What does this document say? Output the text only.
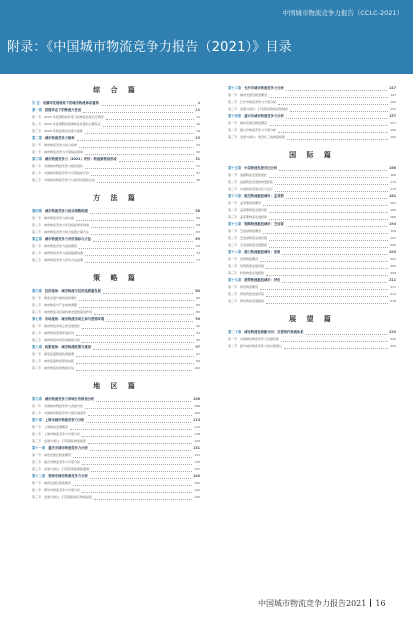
中国城市物流竞争力报告（CCLC-2021）
附录：《中国城市物流竞争力报告（2021）》目录
综 合 篇
引 言 双循环发展格局下的城市物流体系重构	1
第一章 疫情冲击下的物流大变局	11
第一节 2020 年疫情防控背景下的物流系统运行情况	12
第二节 2020 年疫情期间我国物流发展的主要特点	16
第三节 2020 年物流相关政策与措施	19
第二章 城市物流竞争力榜单	23
第一节 城市物流竞争力综合榜单	23
第二节 城市物流竞争力分项指标榜单	26
第三章 城市物流竞争力（2021）评价：物流新格局形成	31
第一节 中国城市物流竞争力格局现状	31
第二节 中国城市物流竞争力分项指标评价	37
第三节 中国城市物流竞争力与经济发展的关系	48
方 法 篇
第四章 城市物流竞争力综合指数构建	56
第一节 城市物流竞争力的内涵	56
第二节 城市物流竞争力评价指标体系构建	58
第三节 城市物流竞争力综合指数计算方法	63
第五章 城市物流竞争力评价指标与方法	69
第一节 城市物流竞争力指标解读	69
第二节 城市物流竞争力指标数据来源	72
第三节 城市物流竞争力评价方法说明	77
策 略 篇
第六章 经济视角：城市物流与经济高质量发展	80
第一节 物流发展与城市经济增长	80
第二节 城市物流与产业结构调整	83
第三节 城市物流对区域协调发展的促进作用	85
第七章 市场视角：城市物流市场主体与营商环境	90
第一节 城市物流市场主体发展现状	90
第二节 城市物流营商环境评价	93
第三节 城市物流市场竞争格局分析	95
第八章 政策视角：城市物流政策与规划	97
第一节 国家层面物流政策梳理	97
第二节 城市层面物流规划实践	99
第三节 城市物流政策效果评估	102
地 区 篇
第九章 城市物流竞争力省域分布格局分析	106
第一节 中国城市物流竞争力省域分布	106
第二节 中国城市物流竞争力的区域差异	109
第十章 上海市城市物流竞争力分析	113
第一节 上海物流发展概况	113
第二节 上海市物流竞争力分项分析	118
第三节 发展与建议：打造国际物流枢纽	126
第十一章 重庆市城市物流竞争力分析	131
第一节 城市发展及物流概况	131
第二节 重庆市物流竞争力分项分析	133
第三节 发展与建议：打造西部陆海新通道	137
第十二章 郑州市城市物流竞争力分析	140
第一节 城市发展及物流概况	140
第二节 郑州市物流竞争力分项分析	142
第三节 发展与建议：打造国际航空物流枢纽	145
第十三章 长沙市城市物流竞争力分析	147
第一节 城市发展及物流概况	147
第二节 长沙市物流竞争力分项分析	150
第三节 发展与建议：打造国家物流枢纽城市	154
第十四章 嘉兴市城市物流竞争力分析	157
第一节 城市发展及物流概况	157
第二节 嘉兴市物流竞争力分项分析	159
第三节 发展与建议：建设长三角物流枢纽	162
国 际 篇
第十五章 中美物流发展对比分析	166
第一节 美国物流发展的现状	166
第二节 美国物流发展的典型经验	170
第三节 中美物流发展对比与启示	173
第十六章 航空物流枢纽城市：孟菲斯	181
第一节 孟菲斯物流概况	181
第二节 孟菲斯物流发展历程	185
第三节 孟菲斯物流发展经验	189
第十七章 铁路物流枢纽城市：芝加哥	194
第一节 芝加哥物流概况	194
第二节 芝加哥物流发展历程	197
第三节 芝加哥物流发展经验	200
第十八章 港口物流枢纽城市：伦敦	203
第一节 伦敦物流概况	203
第二节 伦敦物流发展历程	205
第三节 伦敦物流发展经验	209
第十九章 商贸物流枢纽城市：伊伦	211
第一节 伊伦物流概况	211
第二节 伊伦物流发展历程	214
第三节 伊伦物流发展经验	216
展 望 篇
第二十章 城市物流发展新方向：完善现代物流体系	220
第一节 中国城市物流竞争力发展趋势	220
第二节 提升城市物流竞争力的对策建议	224
中国城市物流竞争力报告2021 16
